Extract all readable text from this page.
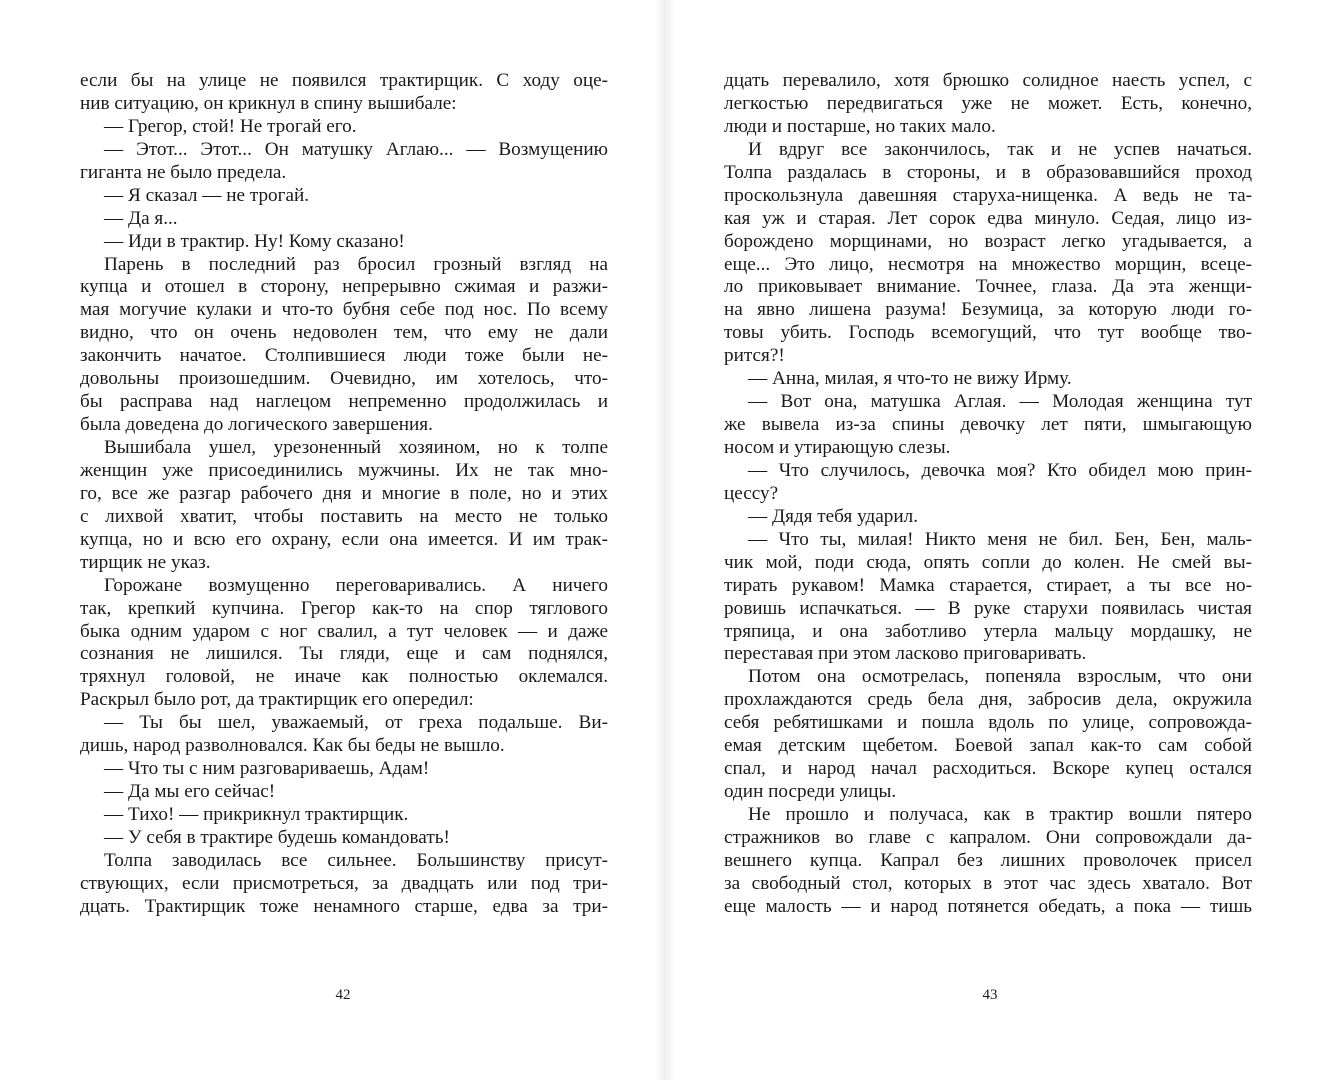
если бы на улице не появился трактирщик. С ходу оце-
нив ситуацию, он крикнул в спину вышибале:
— Грегор, стой! Не трогай его.
— Этот... Этот... Он матушку Аглаю... — Возмущению
гиганта не было предела.
— Я сказал — не трогай.
— Да я...
— Иди в трактир. Ну! Кому сказано!
Парень в последний раз бросил грозный взгляд на
купца и отошел в сторону, непрерывно сжимая и разжи-
мая могучие кулаки и что-то бубня себе под нос. По всему
видно, что он очень недоволен тем, что ему не дали
закончить начатое. Столпившиеся люди тоже были не-
довольны произошедшим. Очевидно, им хотелось, что-
бы расправа над наглецом непременно продолжилась и
была доведена до логического завершения.
Вышибала ушел, урезоненный хозяином, но к толпе
женщин уже присоединились мужчины. Их не так мно-
го, все же разгар рабочего дня и многие в поле, но и этих
с лихвой хватит, чтобы поставить на место не только
купца, но и всю его охрану, если она имеется. И им трак-
тирщик не указ.
Горожане возмущенно переговаривались. А ничего
так, крепкий купчина. Грегор как-то на спор тяглового
быка одним ударом с ног свалил, а тут человек — и даже
сознания не лишился. Ты гляди, еще и сам поднялся,
тряхнул головой, не иначе как полностью оклемался.
Раскрыл было рот, да трактирщик его опередил:
— Ты бы шел, уважаемый, от греха подальше. Ви-
дишь, народ разволновался. Как бы беды не вышло.
— Что ты с ним разговариваешь, Адам!
— Да мы его сейчас!
— Тихо! — прикрикнул трактирщик.
— У себя в трактире будешь командовать!
Толпа заводилась все сильнее. Большинству присут-
ствующих, если присмотреться, за двадцать или под три-
дцать. Трактирщик тоже ненамного старше, едва за три-
42
дцать перевалило, хотя брюшко солидное наесть успел, с
легкостью передвигаться уже не может. Есть, конечно,
люди и постарше, но таких мало.
И вдруг все закончилось, так и не успев начаться.
Толпа раздалась в стороны, и в образовавшийся проход
проскользнула давешняя старуха-нищенка. А ведь не та-
кая уж и старая. Лет сорок едва минуло. Седая, лицо из-
борождено морщинами, но возраст легко угадывается, а
еще... Это лицо, несмотря на множество морщин, всеце-
ло приковывает внимание. Точнее, глаза. Да эта женщи-
на явно лишена разума! Безумица, за которую люди го-
товы убить. Господь всемогущий, что тут вообще тво-
рится?!
— Анна, милая, я что-то не вижу Ирму.
— Вот она, матушка Аглая. — Молодая женщина тут
же вывела из-за спины девочку лет пяти, шмыгающую
носом и утирающую слезы.
— Что случилось, девочка моя? Кто обидел мою прин-
цессу?
— Дядя тебя ударил.
— Что ты, милая! Никто меня не бил. Бен, Бен, маль-
чик мой, поди сюда, опять сопли до колен. Не смей вы-
тирать рукавом! Мамка старается, стирает, а ты все но-
ровишь испачкаться. — В руке старухи появилась чистая
тряпица, и она заботливо утерла мальцу мордашку, не
переставая при этом ласково приговаривать.
Потом она осмотрелась, попеняла взрослым, что они
прохлаждаются средь бела дня, забросив дела, окружила
себя ребятишками и пошла вдоль по улице, сопровожда-
емая детским щебетом. Боевой запал как-то сам собой
спал, и народ начал расходиться. Вскоре купец остался
один посреди улицы.
Не прошло и получаса, как в трактир вошли пятеро
стражников во главе с капралом. Они сопровождали да-
вешнего купца. Капрал без лишних проволочек присел
за свободный стол, которых в этот час здесь хватало. Вот
еще малость — и народ потянется обедать, а пока — тишь
43
